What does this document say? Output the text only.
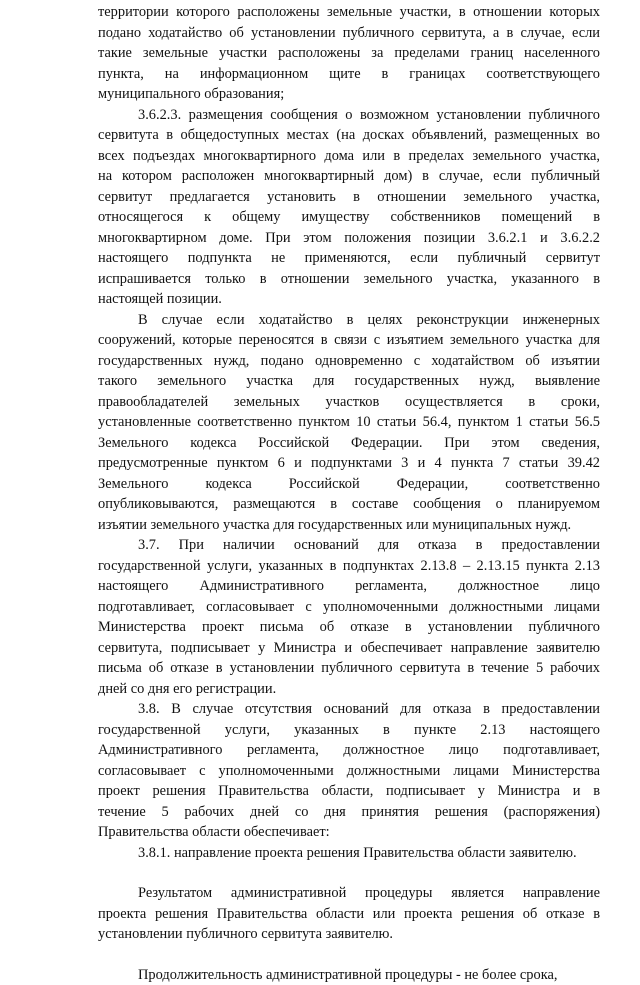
территории которого расположены земельные участки, в отношении которых
подано ходатайство об установлении публичного сервитута, а в случае, если
такие земельные участки расположены за пределами границ населенного
пункта, на информационном щите в границах соответствующего
муниципального образования;

3.6.2.3. размещения сообщения о возможном установлении публичного
сервитута в общедоступных местах (на досках объявлений, размещенных во
всех подъездах многоквартирного дома или в пределах земельного участка,
на котором расположен многоквартирный дом) в случае, если публичный
сервитут предлагается установить в отношении земельного участка,
относящегося к общему имуществу собственников помещений в
многоквартирном доме. При этом положения позиции 3.6.2.1 и 3.6.2.2
настоящего подпункта не применяются, если публичный сервитут
испрашивается только в отношении земельного участка, указанного в
настоящей позиции.

В случае если ходатайство в целях реконструкции инженерных
сооружений, которые переносятся в связи с изъятием земельного участка для
государственных нужд, подано одновременно с ходатайством об изъятии
такого земельного участка для государственных нужд, выявление
правообладателей земельных участков осуществляется в сроки,
установленные соответственно пунктом 10 статьи 56.4, пунктом 1 статьи 56.5
Земельного кодекса Российской Федерации. При этом сведения,
предусмотренные пунктом 6 и подпунктами 3 и 4 пункта 7 статьи 39.42
Земельного кодекса Российской Федерации, соответственно
опубликовываются, размещаются в составе сообщения о планируемом
изъятии земельного участка для государственных или муниципальных нужд.

3.7. При наличии оснований для отказа в предоставлении
государственной услуги, указанных в подпунктах 2.13.8 – 2.13.15 пункта 2.13
настоящего Административного регламента, должностное лицо
подготавливает, согласовывает с уполномоченными должностными лицами
Министерства проект письма об отказе в установлении публичного
сервитута, подписывает у Министра и обеспечивает направление заявителю
письма об отказе в установлении публичного сервитута в течение 5 рабочих
дней со дня его регистрации.

3.8. В случае отсутствия оснований для отказа в предоставлении
государственной услуги, указанных в пункте 2.13 настоящего
Административного регламента, должностное лицо подготавливает,
согласовывает с уполномоченными должностными лицами Министерства
проект решения Правительства области, подписывает у Министра и в
течение 5 рабочих дней со дня принятия решения (распоряжения)
Правительства области обеспечивает:

3.8.1. направление проекта решения Правительства области заявителю.

Результатом административной процедуры является направление
проекта решения Правительства области или проекта решения об отказе в
установлении публичного сервитута заявителю.

Продолжительность административной процедуры - не более срока,
